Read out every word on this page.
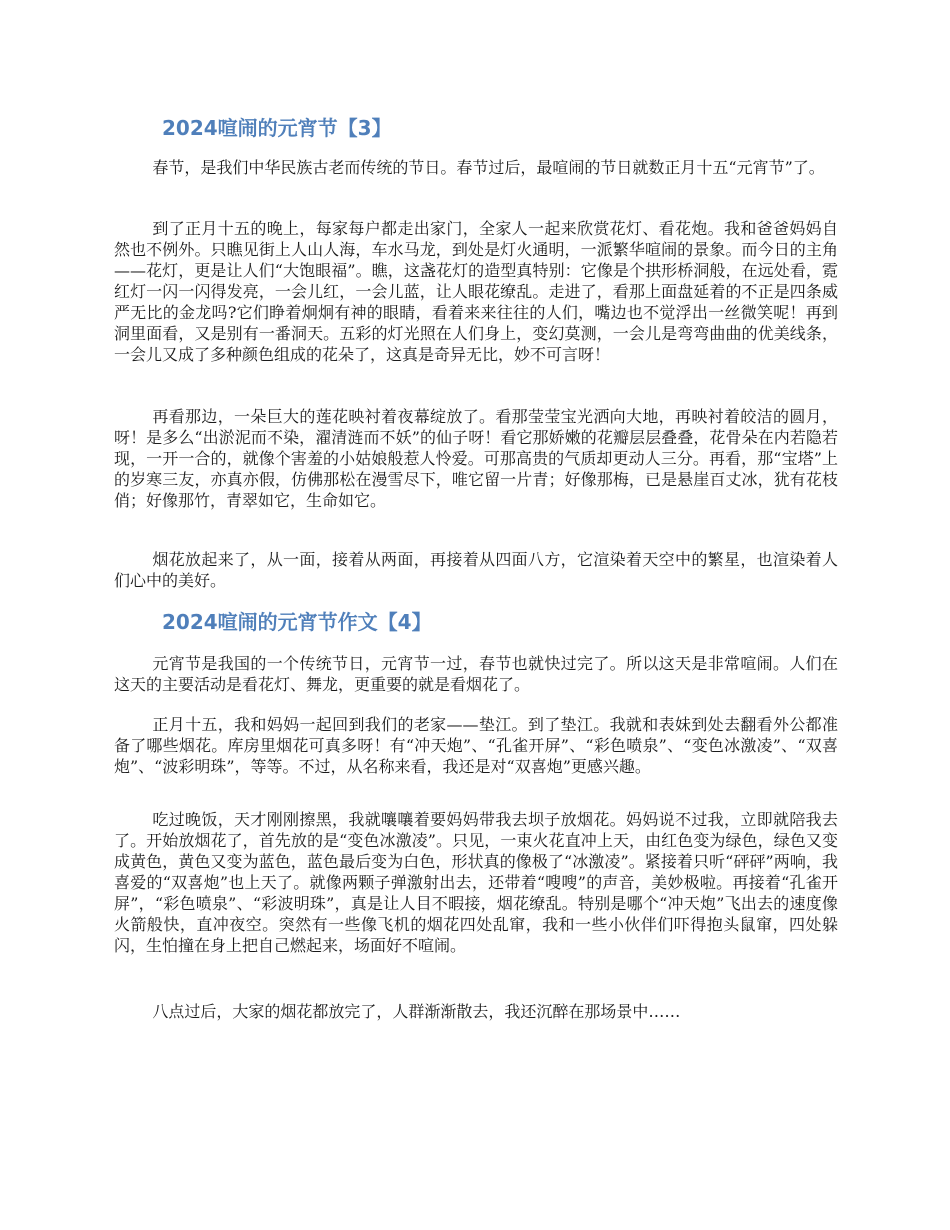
2024喧闹的元宵节【3】

春节，是我们中华民族古老而传统的节日。春节过后，最喧闹的节日就数正月十五“元宵节”了。

到了正月十五的晚上，每家每户都走出家门，全家人一起来欣赏花灯、看花炮。我和爸爸妈妈自然也不例外。只瞧见街上人山人海，车水马龙，到处是灯火通明，一派繁华喧闹的景象。而今日的主角——花灯，更是让人们“大饱眼福”。瞧，这盏花灯的造型真特别：它像是个拱形桥洞般，在远处看，霓红灯一闪一闪得发亮，一会儿红，一会儿蓝，让人眼花缭乱。走进了，看那上面盘延着的不正是四条威严无比的金龙吗?它们睁着炯炯有神的眼睛，看着来来往往的人们，嘴边也不觉浮出一丝微笑呢！再到洞里面看，又是别有一番洞天。五彩的灯光照在人们身上，变幻莫测，一会儿是弯弯曲曲的优美线条，一会儿又成了多种颜色组成的花朵了，这真是奇异无比，妙不可言呀！

再看那边，一朵巨大的莲花映衬着夜幕绽放了。看那莹莹宝光洒向大地，再映衬着皎洁的圆月，呀！是多么“出淤泥而不染，濯清涟而不妖”的仙子呀！看它那娇嫩的花瓣层层叠叠，花骨朵在内若隐若现，一开一合的，就像个害羞的小姑娘般惹人怜爱。可那高贵的气质却更动人三分。再看，那“宝塔”上的岁寒三友，亦真亦假，仿佛那松在漫雪尽下，唯它留一片青；好像那梅，已是悬崖百丈冰，犹有花枝俏；好像那竹，青翠如它，生命如它。

烟花放起来了，从一面，接着从两面，再接着从四面八方，它渲染着天空中的繁星，也渲染着人们心中的美好。

2024喧闹的元宵节作文【4】

元宵节是我国的一个传统节日，元宵节一过，春节也就快过完了。所以这天是非常喧闹。人们在这天的主要活动是看花灯、舞龙，更重要的就是看烟花了。

正月十五，我和妈妈一起回到我们的老家——垫江。到了垫江。我就和表妹到处去翻看外公都准备了哪些烟花。库房里烟花可真多呀！有“冲天炮”、“孔雀开屏”、“彩色喷泉”、“变色冰激凌”、“双喜炮”、“波彩明珠”，等等。不过，从名称来看，我还是对“双喜炮”更感兴趣。

吃过晚饭，天才刚刚擦黑，我就嚷嚷着要妈妈带我去坝子放烟花。妈妈说不过我，立即就陪我去了。开始放烟花了，首先放的是“变色冰激凌”。只见，一束火花直冲上天，由红色变为绿色，绿色又变成黄色，黄色又变为蓝色，蓝色最后变为白色，形状真的像极了“冰激凌”。紧接着只听“砰砰”两响，我喜爱的“双喜炮”也上天了。就像两颗子弹激射出去，还带着“嗖嗖”的声音，美妙极啦。再接着“孔雀开屏”，“彩色喷泉”、“彩波明珠”，真是让人目不暇接，烟花缭乱。特别是哪个“冲天炮”飞出去的速度像火箭般快，直冲夜空。突然有一些像飞机的烟花四处乱窜，我和一些小伙伴们吓得抱头鼠窜，四处躲闪，生怕撞在身上把自己燃起来，场面好不喧闹。

八点过后，大家的烟花都放完了，人群渐渐散去，我还沉醉在那场景中……
